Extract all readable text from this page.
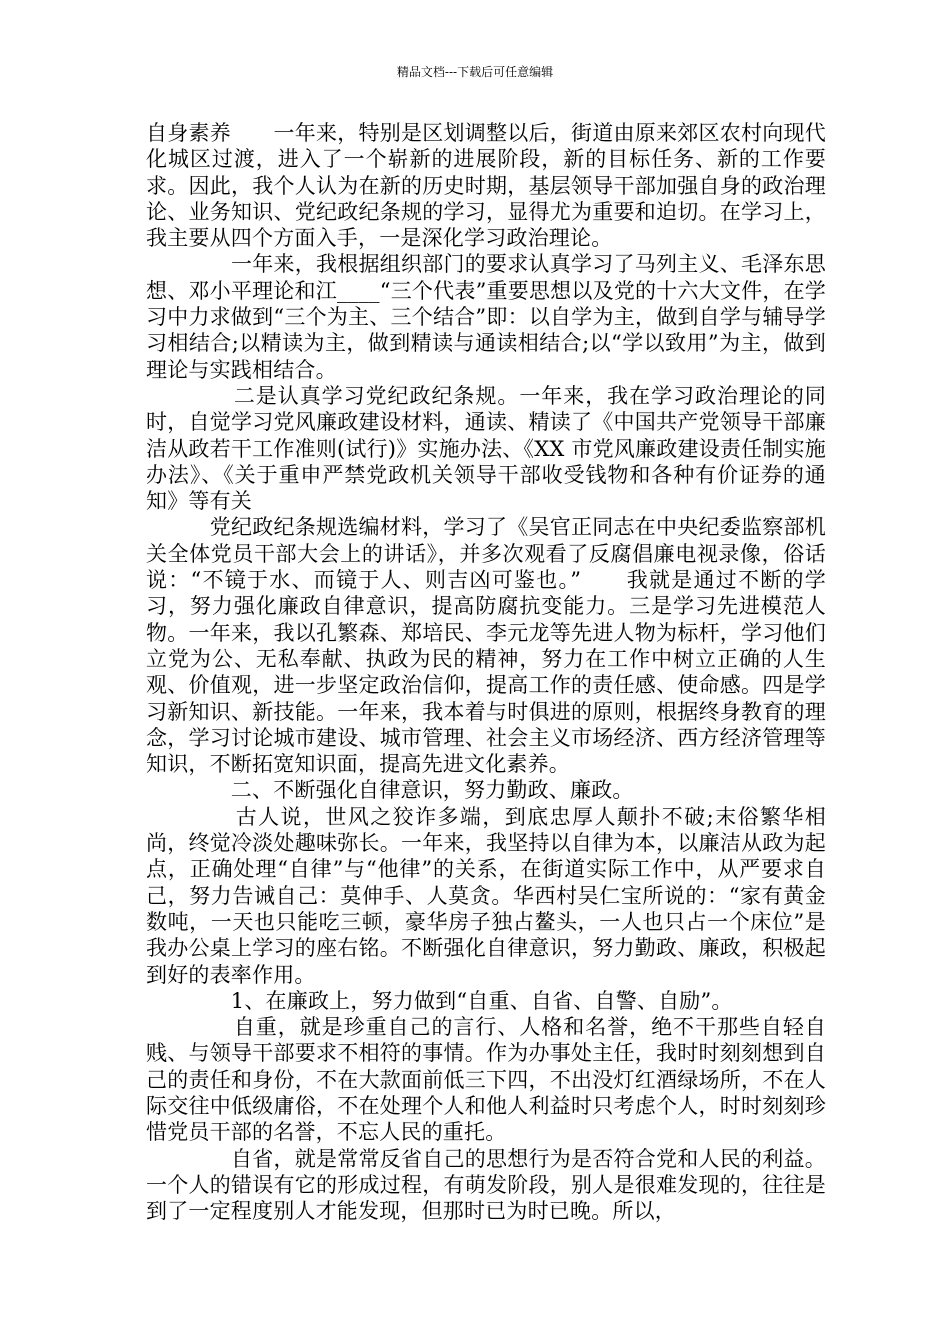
精品文档---下载后可任意编辑

自身素养　　一年来，特别是区划调整以后，街道由原来郊区农村向现代化城区过渡，进入了一个崭新的进展阶段，新的目标任务、新的工作要求。因此，我个人认为在新的历史时期，基层领导干部加强自身的政治理论、业务知识、党纪政纪条规的学习，显得尤为重要和迫切。在学习上，我主要从四个方面入手，一是深化学习政治理论。

　　　　一年来，我根据组织部门的要求认真学习了马列主义、毛泽东思想、邓小平理论和江____“三个代表”重要思想以及党的十六大文件，在学习中力求做到“三个为主、三个结合”即：以自学为主，做到自学与辅导学习相结合;以精读为主，做到精读与通读相结合;以“学以致用”为主，做到理论与实践相结合。

　　　　二是认真学习党纪政纪条规。一年来，我在学习政治理论的同时，自觉学习党风廉政建设材料，通读、精读了《中国共产党领导干部廉洁从政若干工作准则(试行)》实施办法、《XX 市党风廉政建设责任制实施办法》、《关于重申严禁党政机关领导干部收受钱物和各种有价证券的通知》等有关

　　　党纪政纪条规选编材料，学习了《吴官正同志在中央纪委监察部机关全体党员干部大会上的讲话》，并多次观看了反腐倡廉电视录像，俗话说：“不镜于水、而镜于人、则吉凶可鉴也。”　　我就是通过不断的学习，努力强化廉政自律意识，提高防腐抗变能力。三是学习先进模范人物。一年来，我以孔繁森、郑培民、李元龙等先进人物为标杆，学习他们立党为公、无私奉献、执政为民的精神，努力在工作中树立正确的人生观、价值观，进一步坚定政治信仰，提高工作的责任感、使命感。四是学习新知识、新技能。一年来，我本着与时俱进的原则，根据终身教育的理念，学习讨论城市建设、城市管理、社会主义市场经济、西方经济管理等知识，不断拓宽知识面，提高先进文化素养。

　　　　二、不断强化自律意识，努力勤政、廉政。

　　　　古人说，世风之狡诈多端，到底忠厚人颠扑不破;末俗繁华相尚，终觉冷淡处趣味弥长。一年来，我坚持以自律为本，以廉洁从政为起点，正确处理“自律”与“他律”的关系，在街道实际工作中，从严要求自己，努力告诫自己：莫伸手、人莫贪。华西村吴仁宝所说的：“家有黄金数吨，一天也只能吃三顿，豪华房子独占鳌头，一人也只占一个床位”是我办公桌上学习的座右铭。不断强化自律意识，努力勤政、廉政，积极起到好的表率作用。

　　　　1、在廉政上，努力做到“自重、自省、自警、自励”。

　　　　自重，就是珍重自己的言行、人格和名誉，绝不干那些自轻自贱、与领导干部要求不相符的事情。作为办事处主任，我时时刻刻想到自己的责任和身份，不在大款面前低三下四，不出没灯红酒绿场所，不在人际交往中低级庸俗，不在处理个人和他人利益时只考虑个人，时时刻刻珍惜党员干部的名誉，不忘人民的重托。

　　　　自省，就是常常反省自己的思想行为是否符合党和人民的利益。一个人的错误有它的形成过程，有萌发阶段，别人是很难发现的，往往是到了一定程度别人才能发现，但那时已为时已晚。所以，
